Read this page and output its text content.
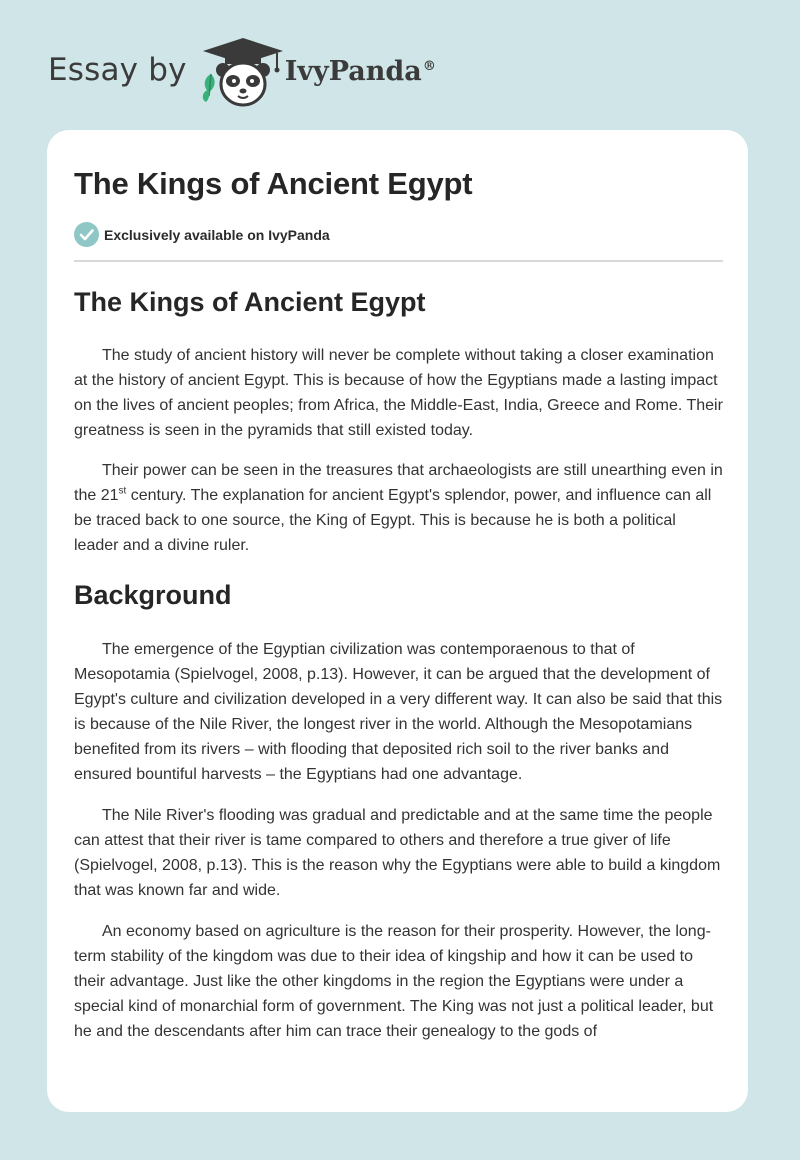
Essay by	IvyPanda®
The Kings of Ancient Egypt
Exclusively available on IvyPanda
The Kings of Ancient Egypt

The study of ancient history will never be complete without taking a closer examination at the history of ancient Egypt. This is because of how the Egyptians made a lasting impact on the lives of ancient peoples; from Africa, the Middle-East, India, Greece and Rome. Their greatness is seen in the pyramids that still existed today.

Their power can be seen in the treasures that archaeologists are still unearthing even in the 21st century. The explanation for ancient Egypt's splendor, power, and influence can all be traced back to one source, the King of Egypt. This is because he is both a political leader and a divine ruler.

Background

The emergence of the Egyptian civilization was contemporaenous to that of Mesopotamia (Spielvogel, 2008, p.13). However, it can be argued that the development of Egypt's culture and civilization developed in a very different way. It can also be said that this is because of the Nile River, the longest river in the world. Although the Mesopotamians benefited from its rivers – with flooding that deposited rich soil to the river banks and ensured bountiful harvests – the Egyptians had one advantage.

The Nile River's flooding was gradual and predictable and at the same time the people can attest that their river is tame compared to others and therefore a true giver of life (Spielvogel, 2008, p.13). This is the reason why the Egyptians were able to build a kingdom that was known far and wide.

An economy based on agriculture is the reason for their prosperity. However, the long-term stability of the kingdom was due to their idea of kingship and how it can be used to their advantage. Just like the other kingdoms in the region the Egyptians were under a special kind of monarchial form of government. The King was not just a political leader, but he and the descendants after him can trace their genealogy to the gods of
